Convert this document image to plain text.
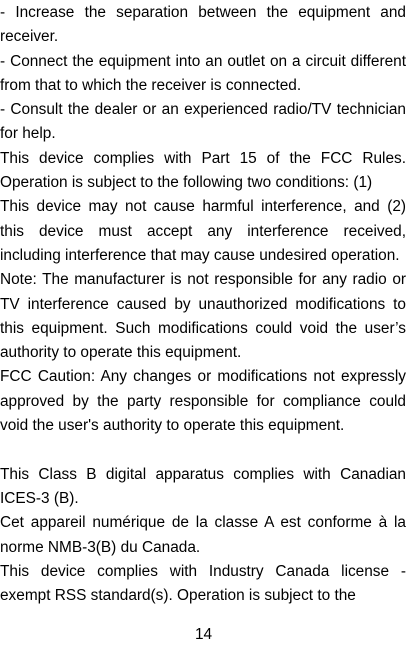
- Increase the separation between the equipment and receiver.

- Connect the equipment into an outlet on a circuit different from that to which the receiver is connected.

- Consult the dealer or an experienced radio/TV technician for help.

This device complies with Part 15 of the FCC Rules. Operation is subject to the following two conditions: (1)

This device may not cause harmful interference, and (2) this device must accept any interference received, including interference that may cause undesired operation.

Note: The manufacturer is not responsible for any radio or TV interference caused by unauthorized modifications to this equipment. Such modifications could void the user’s authority to operate this equipment.

FCC Caution: Any changes or modifications not expressly approved by the party responsible for compliance could void the user's authority to operate this equipment.

This Class B digital apparatus complies with Canadian ICES-3 (B).

Cet appareil numérique de la classe A est conforme à la norme NMB-3(B) du Canada.

This device complies with Industry Canada license ‑ exempt RSS standard(s). Operation is subject to the

14
